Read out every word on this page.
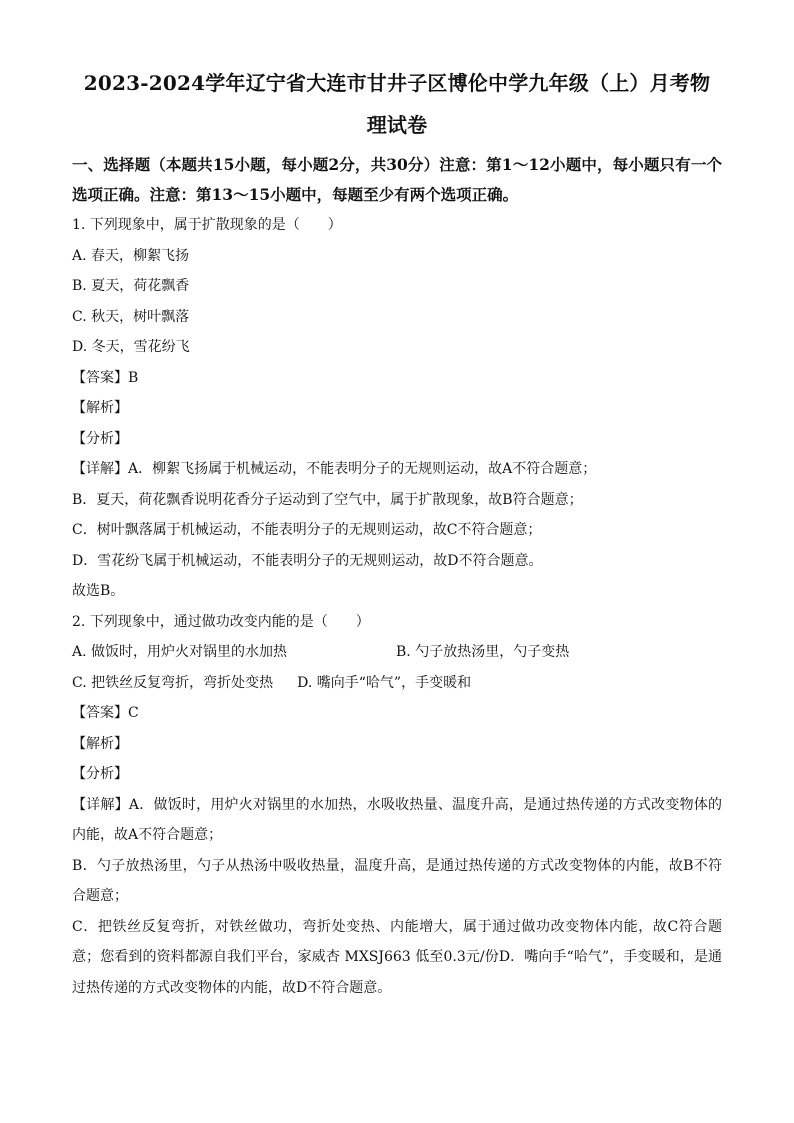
2023-2024学年辽宁省大连市甘井子区博伦中学九年级（上）月考物
理试卷
一、选择题（本题共15小题，每小题2分，共30分）注意：第1～12小题中，每小题只有一个选项正确。注意：第13～15小题中，每题至少有两个选项正确。
1. 下列现象中，属于扩散现象的是（　　）
A. 春天，柳絮飞扬
B. 夏天，荷花飘香
C. 秋天，树叶飘落
D. 冬天，雪花纷飞
【答案】B
【解析】
【分析】
【详解】A．柳絮飞扬属于机械运动，不能表明分子的无规则运动，故A不符合题意；
B．夏天，荷花飘香说明花香分子运动到了空气中，属于扩散现象，故B符合题意；
C．树叶飘落属于机械运动，不能表明分子的无规则运动，故C不符合题意；
D．雪花纷飞属于机械运动，不能表明分子的无规则运动，故D不符合题意。
故选B。
2. 下列现象中，通过做功改变内能的是（　　）
A. 做饭时，用炉火对锅里的水加热	B. 勺子放热汤里，勺子变热
C. 把铁丝反复弯折，弯折处变热 D. 嘴向手“哈气”，手变暖和
【答案】C
【解析】
【分析】
【详解】A．做饭时，用炉火对锅里的水加热，水吸收热量、温度升高，是通过热传递的方式改变物体的内能，故A不符合题意；
B．勺子放热汤里，勺子从热汤中吸收热量，温度升高，是通过热传递的方式改变物体的内能，故B不符合题意；
C．把铁丝反复弯折，对铁丝做功，弯折处变热、内能增大，属于通过做功改变物体内能，故C符合题意；您看到的资料都源自我们平台，家威杏 MXSJ663 低至0.3元/份D．嘴向手“哈气”，手变暖和，是通过热传递的方式改变物体的内能，故D不符合题意。
